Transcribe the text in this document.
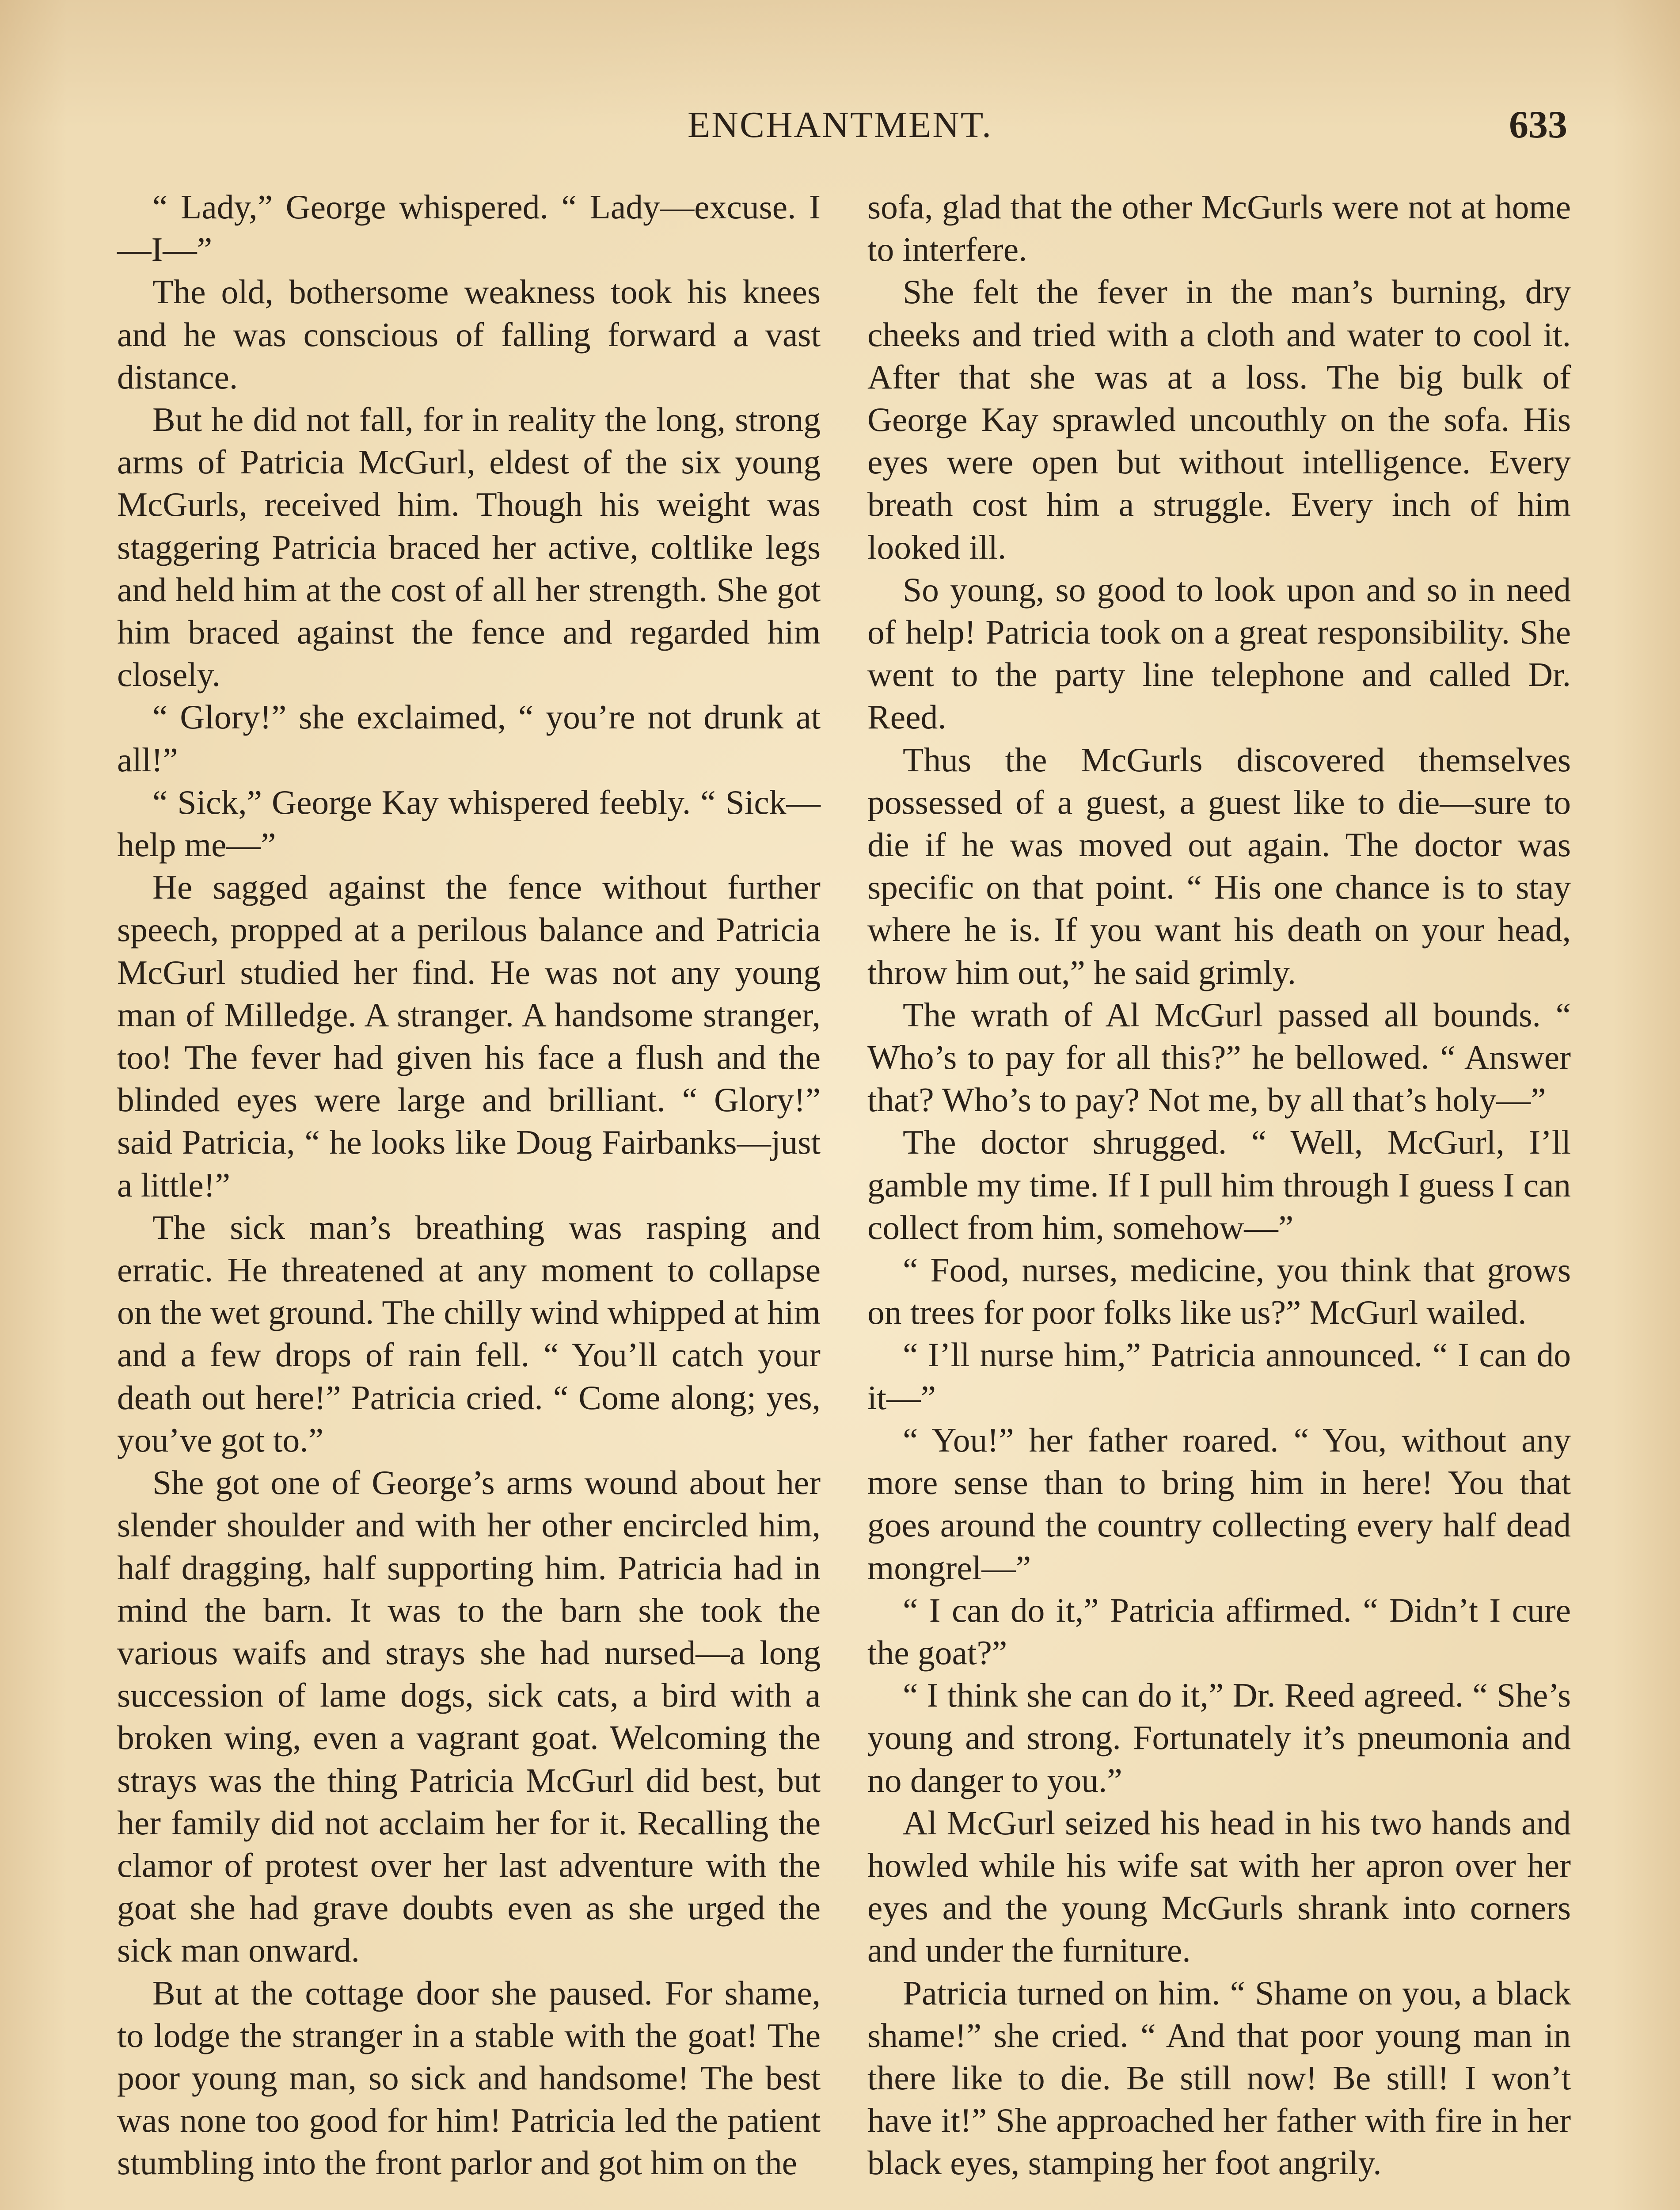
ENCHANTMENT.	633

“ Lady,” George whispered. “ Lady—excuse. I—I—”

The old, bothersome weakness took his knees and he was conscious of falling forward a vast distance.

But he did not fall, for in reality the long, strong arms of Patricia McGurl, eldest of the six young McGurls, received him. Though his weight was staggering Patricia braced her active, coltlike legs and held him at the cost of all her strength. She got him braced against the fence and regarded him closely.

“ Glory!” she exclaimed, “ you’re not drunk at all!”

“ Sick,” George Kay whispered feebly. “ Sick—help me—”

He sagged against the fence without further speech, propped at a perilous balance and Patricia McGurl studied her find. He was not any young man of Milledge. A stranger. A handsome stranger, too! The fever had given his face a flush and the blinded eyes were large and brilliant. “ Glory!” said Patricia, “ he looks like Doug Fairbanks—just a little!”

The sick man’s breathing was rasping and erratic. He threatened at any moment to collapse on the wet ground. The chilly wind whipped at him and a few drops of rain fell. “ You’ll catch your death out here!” Patricia cried. “ Come along; yes, you’ve got to.”

She got one of George’s arms wound about her slender shoulder and with her other encircled him, half dragging, half supporting him. Patricia had in mind the barn. It was to the barn she took the various waifs and strays she had nursed—a long succession of lame dogs, sick cats, a bird with a broken wing, even a vagrant goat. Welcoming the strays was the thing Patricia McGurl did best, but her family did not acclaim her for it. Recalling the clamor of protest over her last adventure with the goat she had grave doubts even as she urged the sick man onward.

But at the cottage door she paused. For shame, to lodge the stranger in a stable with the goat! The poor young man, so sick and handsome! The best was none too good for him! Patricia led the patient stumbling into the front parlor and got him on the

sofa, glad that the other McGurls were not at home to interfere.

She felt the fever in the man’s burning, dry cheeks and tried with a cloth and water to cool it. After that she was at a loss. The big bulk of George Kay sprawled uncouthly on the sofa. His eyes were open but without intelligence. Every breath cost him a struggle. Every inch of him looked ill.

So young, so good to look upon and so in need of help! Patricia took on a great responsibility. She went to the party line telephone and called Dr. Reed.

Thus the McGurls discovered themselves possessed of a guest, a guest like to die—sure to die if he was moved out again. The doctor was specific on that point. “ His one chance is to stay where he is. If you want his death on your head, throw him out,” he said grimly.

The wrath of Al McGurl passed all bounds. “ Who’s to pay for all this?” he bellowed. “ Answer that? Who’s to pay? Not me, by all that’s holy—”

The doctor shrugged. “ Well, McGurl, I’ll gamble my time. If I pull him through I guess I can collect from him, somehow—”

“ Food, nurses, medicine, you think that grows on trees for poor folks like us?” McGurl wailed.

“ I’ll nurse him,” Patricia announced. “ I can do it—”

“ You!” her father roared. “ You, without any more sense than to bring him in here! You that goes around the country collecting every half dead mongrel—”

“ I can do it,” Patricia affirmed. “ Didn’t I cure the goat?”

“ I think she can do it,” Dr. Reed agreed. “ She’s young and strong. Fortunately it’s pneumonia and no danger to you.”

Al McGurl seized his head in his two hands and howled while his wife sat with her apron over her eyes and the young McGurls shrank into corners and under the furniture.

Patricia turned on him. “ Shame on you, a black shame!” she cried. “ And that poor young man in there like to die. Be still now! Be still! I won’t have it!” She approached her father with fire in her black eyes, stamping her foot angrily.
